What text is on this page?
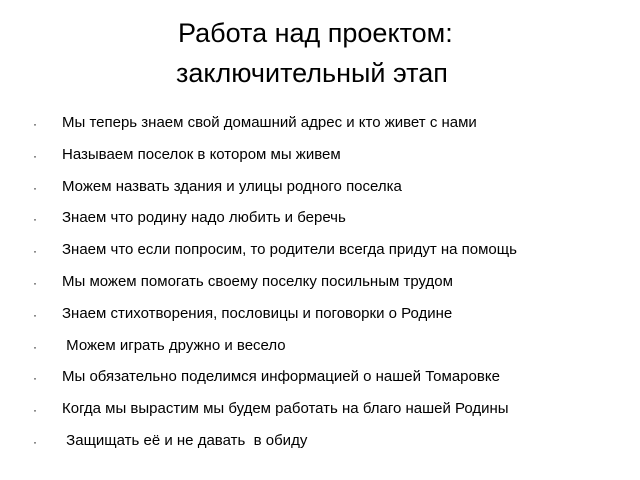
Работа над проектом:
заключительный этап
· Мы теперь знаем свой домашний адрес и кто живет с нами
· Называем поселок в котором мы живем
· Можем назвать здания и улицы родного поселка
· Знаем что родину надо любить и беречь
· Знаем что если попросим, то родители всегда придут на помощь
· Мы можем помогать своему поселку посильным трудом
· Знаем стихотворения, пословицы и поговорки о Родине
· Можем играть дружно и весело
· Мы обязательно поделимся информацией о нашей Томаровке
· Когда мы вырастим мы будем работать на благо нашей Родины
· Защищать её и не давать  в обиду
